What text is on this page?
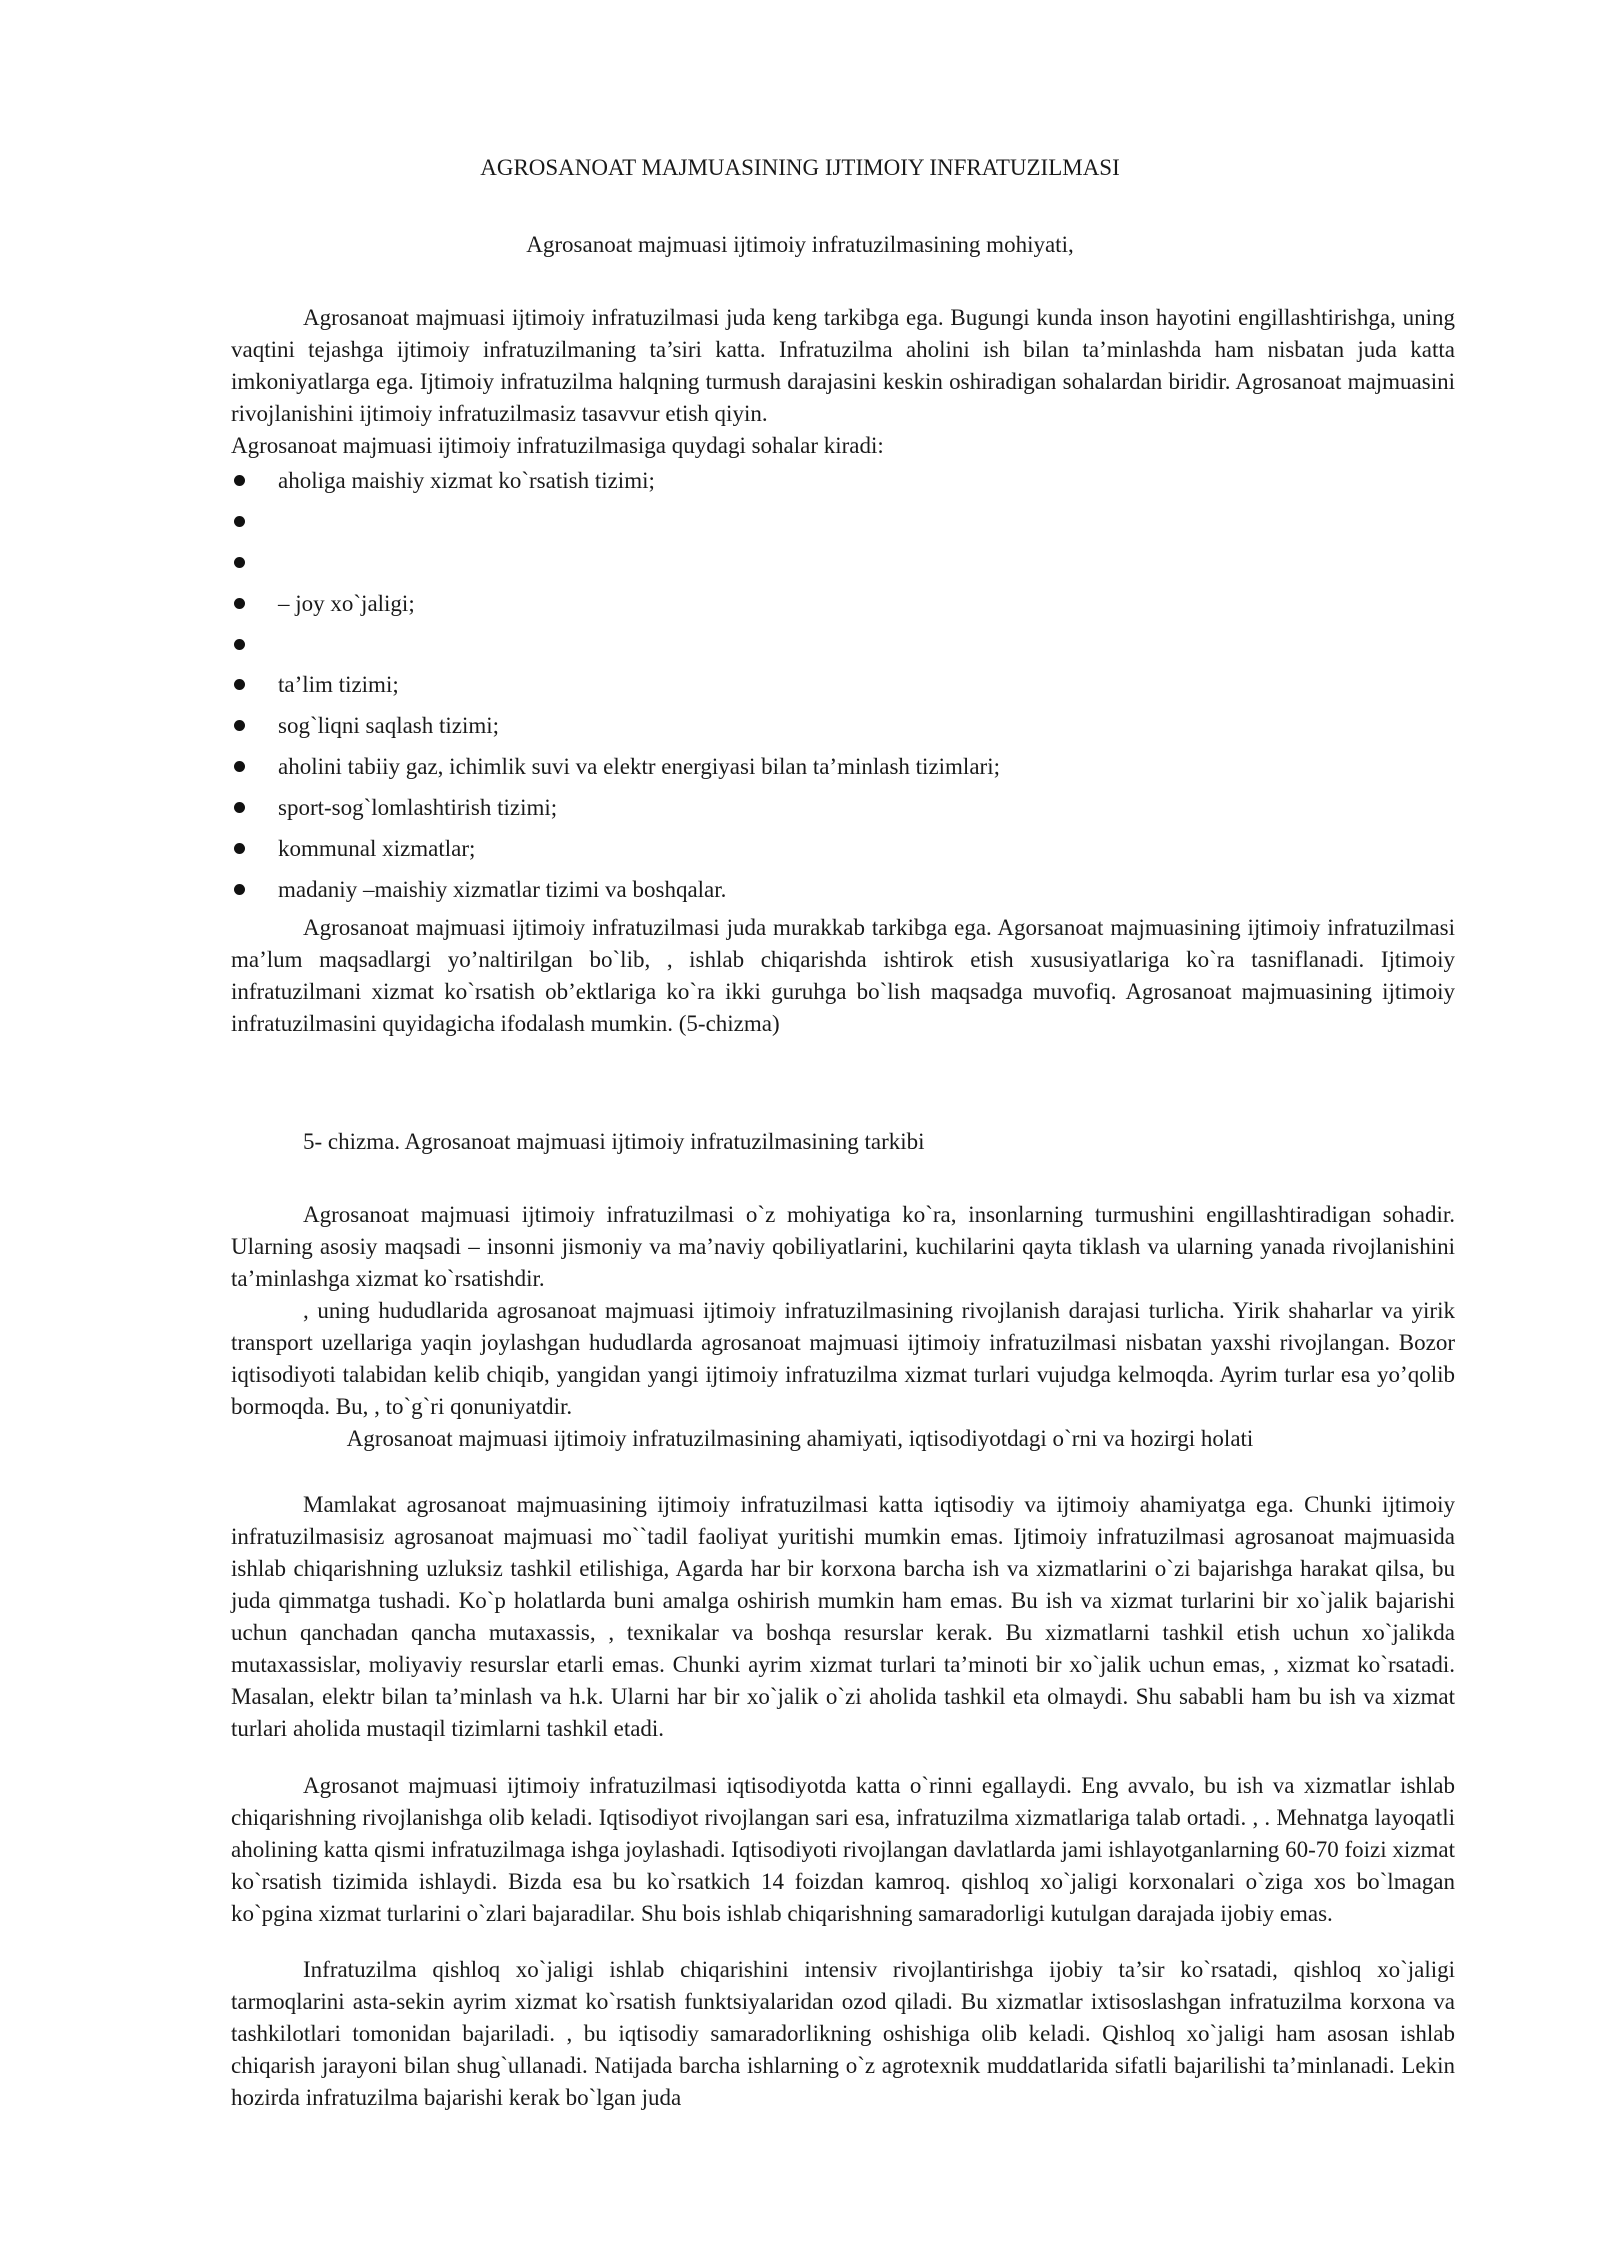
AGROSANOAT MAJMUASINING IJTIMOIY INFRATUZILMASI
Agrosanoat majmuasi ijtimoiy infratuzilmasining mohiyati,

Agrosanoat majmuasi ijtimoiy infratuzilmasi juda keng tarkibga ega. Bugungi kunda inson hayotini engillashtirishga, uning vaqtini tejashga ijtimoiy infratuzilmaning ta’siri katta. Infratuzilma aholini ish bilan ta’minlashda ham nisbatan juda katta imkoniyatlarga ega. Ijtimoiy infratuzilma halqning turmush darajasini keskin oshiradigan sohalardan biridir. Agrosanoat majmuasini rivojlanishini ijtimoiy infratuzilmasiz tasavvur etish qiyin.

Agrosanoat majmuasi ijtimoiy infratuzilmasiga quydagi sohalar kiradi:

aholiga maishiy xizmat ko`rsatish tizimi;
– joy xo`jaligi;
ta’lim tizimi;
sog`liqni saqlash tizimi;
aholini tabiiy gaz, ichimlik suvi va elektr energiyasi bilan ta’minlash tizimlari;
sport-sog`lomlashtirish tizimi;
kommunal xizmatlar;
madaniy –maishiy xizmatlar tizimi va boshqalar.

Agrosanoat majmuasi ijtimoiy infratuzilmasi juda murakkab tarkibga ega. Agorsanoat majmuasining ijtimoiy infratuzilmasi ma’lum maqsadlargi yo’naltirilgan bo`lib, , ishlab chiqarishda ishtirok etish xususiyatlariga ko`ra tasniflanadi. Ijtimoiy infratuzilmani xizmat ko`rsatish ob’ektlariga ko`ra ikki guruhga bo`lish maqsadga muvofiq. Agrosanoat majmuasining ijtimoiy infratuzilmasini quyidagicha ifodalash mumkin. (5-chizma)

5- chizma. Agrosanoat majmuasi ijtimoiy infratuzilmasining tarkibi

Agrosanoat majmuasi ijtimoiy infratuzilmasi o`z mohiyatiga ko`ra, insonlarning turmushini engillashtiradigan sohadir. Ularning asosiy maqsadi – insonni jismoniy va ma’naviy qobiliyatlarini, kuchilarini qayta tiklash va ularning yanada rivojlanishini ta’minlashga xizmat ko`rsatishdir.

, uning hududlarida agrosanoat majmuasi ijtimoiy infratuzilmasining rivojlanish darajasi turlicha. Yirik shaharlar va yirik transport uzellariga yaqin joylashgan hududlarda agrosanoat majmuasi ijtimoiy infratuzilmasi nisbatan yaxshi rivojlangan. Bozor iqtisodiyoti talabidan kelib chiqib, yangidan yangi ijtimoiy infratuzilma xizmat turlari vujudga kelmoqda. Ayrim turlar esa yo’qolib bormoqda. Bu, , to`g`ri qonuniyatdir.

Agrosanoat majmuasi ijtimoiy infratuzilmasining ahamiyati, iqtisodiyotdagi o`rni va hozirgi holati

Mamlakat agrosanoat majmuasining ijtimoiy infratuzilmasi katta iqtisodiy va ijtimoiy ahamiyatga ega. Chunki ijtimoiy infratuzilmasisiz agrosanoat majmuasi mo``tadil faoliyat yuritishi mumkin emas. Ijtimoiy infratuzilmasi agrosanoat majmuasida ishlab chiqarishning uzluksiz tashkil etilishiga, Agarda har bir korxona barcha ish va xizmatlarini o`zi bajarishga harakat qilsa, bu juda qimmatga tushadi. Ko`p holatlarda buni amalga oshirish mumkin ham emas. Bu ish va xizmat turlarini bir xo`jalik bajarishi uchun qanchadan qancha mutaxassis, , texnikalar va boshqa resurslar kerak. Bu xizmatlarni tashkil etish uchun xo`jalikda mutaxassislar, moliyaviy resurslar etarli emas. Chunki ayrim xizmat turlari ta’minoti bir xo`jalik uchun emas, , xizmat ko`rsatadi. Masalan, elektr bilan ta’minlash va h.k. Ularni har bir xo`jalik o`zi aholida tashkil eta olmaydi. Shu sababli ham bu ish va xizmat turlari aholida mustaqil tizimlarni tashkil etadi.

Agrosanot majmuasi ijtimoiy infratuzilmasi iqtisodiyotda katta o`rinni egallaydi. Eng avvalo, bu ish va xizmatlar ishlab chiqarishning rivojlanishga olib keladi. Iqtisodiyot rivojlangan sari esa, infratuzilma xizmatlariga talab ortadi. , . Mehnatga layoqatli aholining katta qismi infratuzilmaga ishga joylashadi. Iqtisodiyoti rivojlangan davlatlarda jami ishlayotganlarning 60-70 foizi xizmat ko`rsatish tizimida ishlaydi. Bizda esa bu ko`rsatkich 14 foizdan kamroq. qishloq xo`jaligi korxonalari o`ziga xos bo`lmagan ko`pgina xizmat turlarini o`zlari bajaradilar. Shu bois ishlab chiqarishning samaradorligi kutulgan darajada ijobiy emas.

Infratuzilma qishloq xo`jaligi ishlab chiqarishini intensiv rivojlantirishga ijobiy ta’sir ko`rsatadi, qishloq xo`jaligi tarmoqlarini asta-sekin ayrim xizmat ko`rsatish funktsiyalaridan ozod qiladi. Bu xizmatlar ixtisoslashgan infratuzilma korxona va tashkilotlari tomonidan bajariladi. , bu iqtisodiy samaradorlikning oshishiga olib keladi. Qishloq xo`jaligi ham asosan ishlab chiqarish jarayoni bilan shug`ullanadi. Natijada barcha ishlarning o`z agrotexnik muddatlarida sifatli bajarilishi ta’minlanadi. Lekin hozirda infratuzilma bajarishi kerak bo`lgan juda
